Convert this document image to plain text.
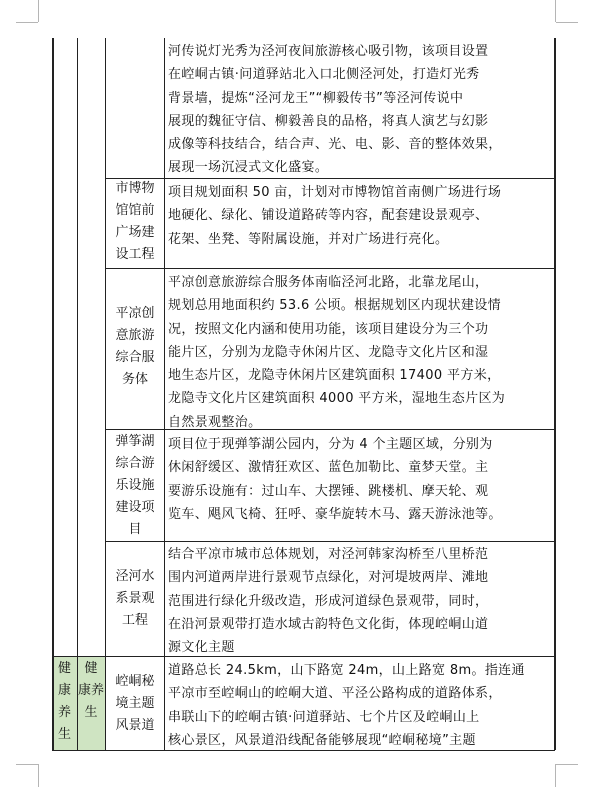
河传说灯光秀为泾河夜间旅游核心吸引物，该项目设置
在崆峒古镇·问道驿站北入口北侧泾河处，打造灯光秀
背景墙，提炼“泾河龙王”“柳毅传书”等泾河传说中
展现的魏征守信、柳毅善良的品格，将真人演艺与幻影
成像等科技结合，结合声、光、电、影、音的整体效果，
展现一场沉浸式文化盛宴。
市博物
馆馆前
广场建
设工程
项目规划面积 50 亩，计划对市博物馆首南侧广场进行场
地硬化、绿化、铺设道路砖等内容，配套建设景观亭、
花架、坐凳、等附属设施，并对广场进行亮化。
平凉创
意旅游
综合服
务体
平凉创意旅游综合服务体南临泾河北路，北靠龙尾山，
规划总用地面积约 53.6 公顷。根据规划区内现状建设情
况，按照文化内涵和使用功能，该项目建设分为三个功
能片区，分别为龙隐寺休闲片区、龙隐寺文化片区和湿
地生态片区，龙隐寺休闲片区建筑面积 17400 平方米，
龙隐寺文化片区建筑面积 4000 平方米，湿地生态片区为
自然景观整治。
弹筝湖
综合游
乐设施
建设项
目
项目位于现弹筝湖公园内，分为 4 个主题区域，分别为
休闲舒缓区、激情狂欢区、蓝色加勒比、童梦天堂。主
要游乐设施有：过山车、大摆锤、跳楼机、摩天轮、观
览车、飓风飞椅、狂呼、豪华旋转木马、露天游泳池等。
泾河水
系景观
工程
结合平凉市城市总体规划，对泾河韩家沟桥至八里桥范
围内河道两岸进行景观节点绿化，对河堤坡两岸、滩地
范围进行绿化升级改造，形成河道绿色景观带，同时，
在沿河景观带打造水域古韵特色文化街，体现崆峒山道
源文化主题
健康
养生
健
康养
生
崆峒秘
境主题
风景道
道路总长 24.5km，山下路宽 24m，山上路宽 8m。指连通
平凉市至崆峒山的崆峒大道、平泾公路构成的道路体系，
串联山下的崆峒古镇·问道驿站、七个片区及崆峒山上
核心景区，风景道沿线配备能够展现“崆峒秘境”主题
